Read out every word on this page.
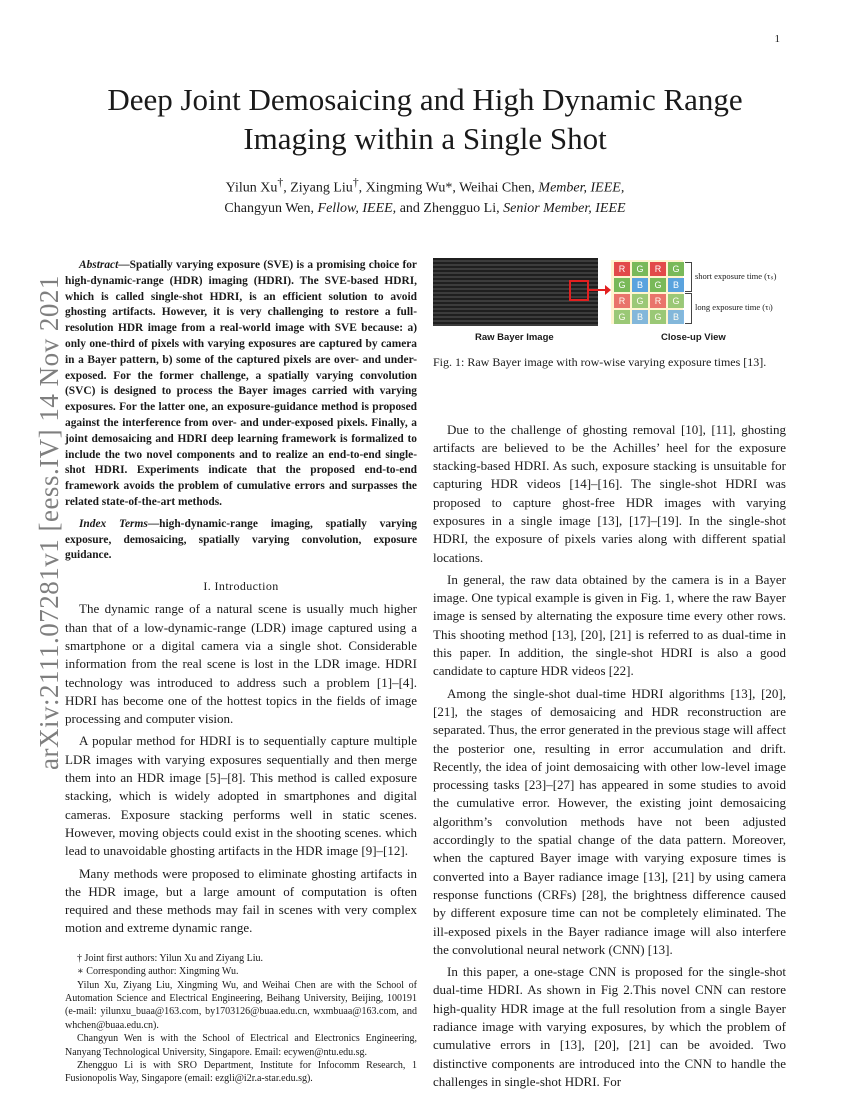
1
arXiv:2111.07281v1 [eess.IV] 14 Nov 2021
Deep Joint Demosaicing and High Dynamic Range Imaging within a Single Shot
Yilun Xu†, Ziyang Liu†, Xingming Wu*, Weihai Chen, Member, IEEE,
Changyun Wen, Fellow, IEEE, and Zhengguo Li, Senior Member, IEEE
Abstract—Spatially varying exposure (SVE) is a promising choice for high-dynamic-range (HDR) imaging (HDRI). The SVE-based HDRI, which is called single-shot HDRI, is an efficient solution to avoid ghosting artifacts. However, it is very challenging to restore a full-resolution HDR image from a real-world image with SVE because: a) only one-third of pixels with varying exposures are captured by camera in a Bayer pattern, b) some of the captured pixels are over- and under-exposed. For the former challenge, a spatially varying convolution (SVC) is designed to process the Bayer images carried with varying exposures. For the latter one, an exposure-guidance method is proposed against the interference from over- and under-exposed pixels. Finally, a joint demosaicing and HDRI deep learning framework is formalized to include the two novel components and to realize an end-to-end single-shot HDRI. Experiments indicate that the proposed end-to-end framework avoids the problem of cumulative errors and surpasses the related state-of-the-art methods.
Index Terms—high-dynamic-range imaging, spatially varying exposure, demosaicing, spatially varying convolution, exposure guidance.
I. Introduction

The dynamic range of a natural scene is usually much higher than that of a low-dynamic-range (LDR) image captured using a smartphone or a digital camera via a single shot. Considerable information from the real scene is lost in the LDR image. HDRI technology was introduced to address such a problem [1]–[4]. HDRI has become one of the hottest topics in the fields of image processing and computer vision.

A popular method for HDRI is to sequentially capture multiple LDR images with varying exposures sequentially and then merge them into an HDR image [5]–[8]. This method is called exposure stacking, which is widely adopted in smartphones and digital cameras. Exposure stacking performs well in static scenes. However, moving objects could exist in the shooting scenes. which lead to unavoidable ghosting artifacts in the HDR image [9]–[12].

Many methods were proposed to eliminate ghosting artifacts in the HDR image, but a large amount of computation is often required and these methods may fail in scenes with very complex motion and extreme dynamic range.

† Joint first authors: Yilun Xu and Ziyang Liu.

∗ Corresponding author: Xingming Wu.

Yilun Xu, Ziyang Liu, Xingming Wu, and Weihai Chen are with the School of Automation Science and Electrical Engineering, Beihang University, Beijing, 100191 (e-mail: yilunxu_buaa@163.com, by1703126@buaa.edu.cn, wxmbuaa@163.com, and whchen@buaa.edu.cn).

Changyun Wen is with the School of Electrical and Electronics Engineering, Nanyang Technological University, Singapore. Email: ecywen@ntu.edu.sg.

Zhengguo Li is with SRO Department, Institute for Infocomm Research, 1 Fusionopolis Way, Singapore (email: ezgli@i2r.a-star.edu.sg).

R	G	R	G
G	B	G	B
R	G	R	G
G	B	G	B
short exposure time (τₛ)
long exposure time (τₗ)
Raw Bayer Image	Close-up View
Fig. 1: Raw Bayer image with row-wise varying exposure times [13].

Due to the challenge of ghosting removal [10], [11], ghosting artifacts are believed to be the Achilles’ heel for the exposure stacking-based HDRI. As such, exposure stacking is unsuitable for capturing HDR videos [14]–[16]. The single-shot HDRI was proposed to capture ghost-free HDR images with varying exposures in a single image [13], [17]–[19]. In the single-shot HDRI, the exposure of pixels varies along with different spatial locations.

In general, the raw data obtained by the camera is in a Bayer image. One typical example is given in Fig. 1, where the raw Bayer image is sensed by alternating the exposure time every other rows. This shooting method [13], [20], [21] is referred to as dual-time in this paper. In addition, the single-shot HDRI is also a good candidate to capture HDR videos [22].

Among the single-shot dual-time HDRI algorithms [13], [20], [21], the stages of demosaicing and HDR reconstruction are separated. Thus, the error generated in the previous stage will affect the posterior one, resulting in error accumulation and drift. Recently, the idea of joint demosaicing with other low-level image processing tasks [23]–[27] has appeared in some studies to avoid the cumulative error. However, the existing joint demosaicing algorithm’s convolution methods have not been adjusted accordingly to the spatial change of the data pattern. Moreover, when the captured Bayer image with varying exposure times is converted into a Bayer radiance image [13], [21] by using camera response functions (CRFs) [28], the brightness difference caused by different exposure time can not be completely eliminated. The ill-exposed pixels in the Bayer radiance image will also interfere the convolutional neural network (CNN) [13].

In this paper, a one-stage CNN is proposed for the single-shot dual-time HDRI. As shown in Fig 2.This novel CNN can restore high-quality HDR image at the full resolution from a single Bayer radiance image with varying exposures, by which the problem of cumulative errors in [13], [20], [21] can be avoided. Two distinctive components are introduced into the CNN to handle the challenges in single-shot HDRI. For
